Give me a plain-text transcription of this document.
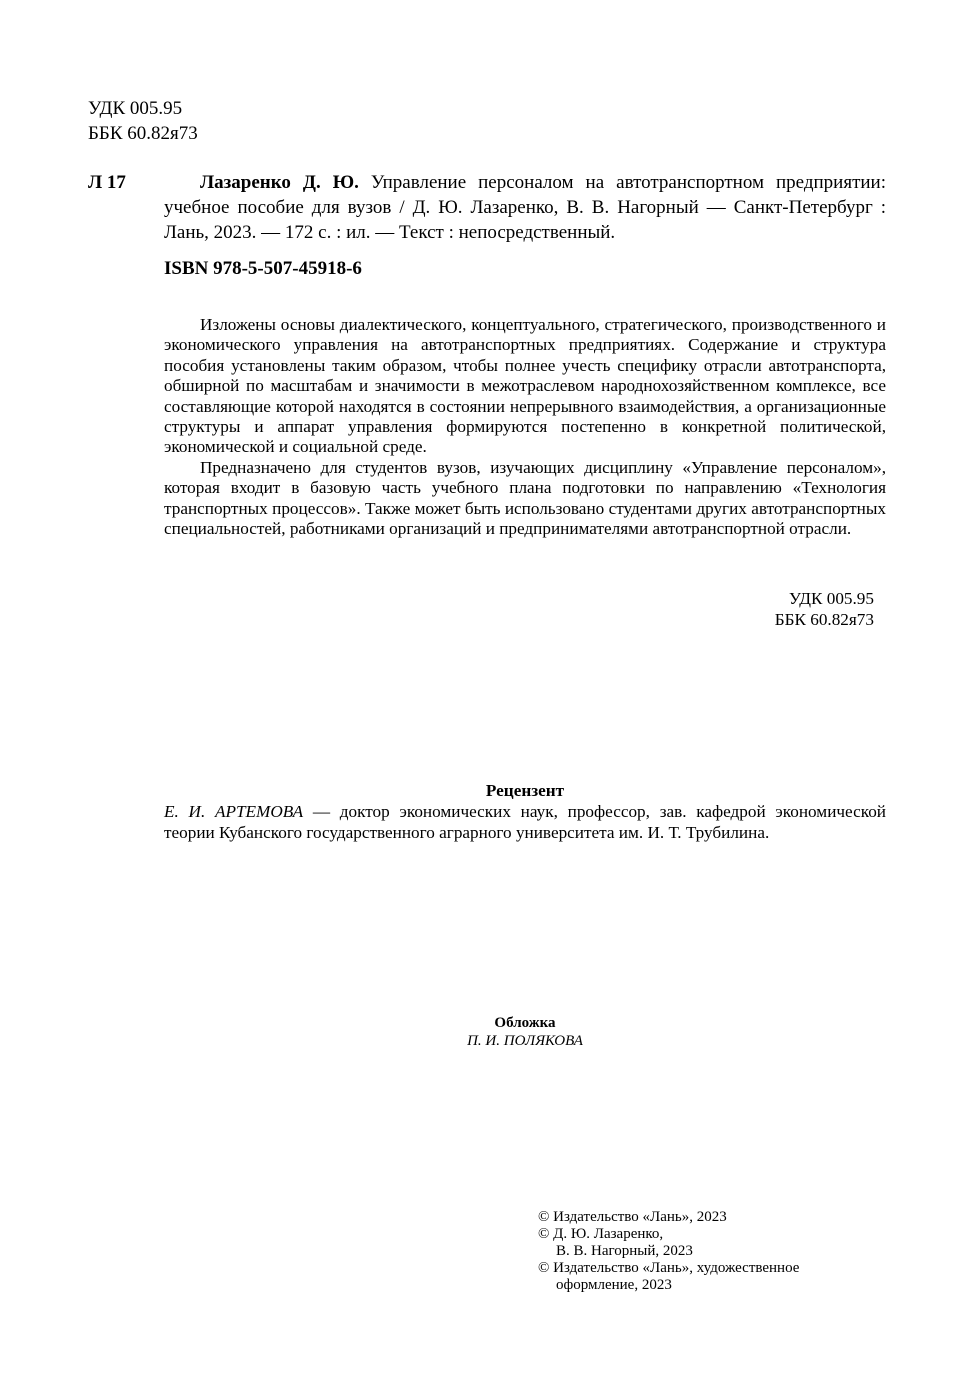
УДК 005.95
ББК 60.82я73
Л 17	Лазаренко Д. Ю. Управление персоналом на автотранспортном предприятии: учебное пособие для вузов / Д. Ю. Лазаренко, В. В. Нагорный — Санкт-Петербург : Лань, 2023. — 172 с. : ил. — Текст : непосредственный.
ISBN 978-5-507-45918-6

Изложены основы диалектического, концептуального, стратегического, производственного и экономического управления на автотранспортных предприятиях. Содержание и структура пособия установлены таким образом, чтобы полнее учесть специфику отрасли автотранспорта, обширной по масштабам и значимости в межотраслевом народнохозяйственном комплексе, все составляющие которой находятся в состоянии непрерывного взаимодействия, а организационные структуры и аппарат управления формируются постепенно в конкретной политической, экономической и социальной среде.

Предназначено для студентов вузов, изучающих дисциплину «Управление персоналом», которая входит в базовую часть учебного плана подготовки по направлению «Технология транспортных процессов». Также может быть использовано студентами других автотранспортных специальностей, работниками организаций и предпринимателями автотранспортной отрасли.

УДК 005.95
ББК 60.82я73
Рецензент
Е. И. АРТЕМОВА — доктор экономических наук, профессор, зав. кафедрой экономической теории Кубанского государственного аграрного университета им. И. Т. Трубилина.
Обложка
П. И. ПОЛЯКОВА
© Издательство «Лань», 2023
© Д. Ю. Лазаренко,
В. В. Нагорный, 2023
© Издательство «Лань», художественное
оформление, 2023
